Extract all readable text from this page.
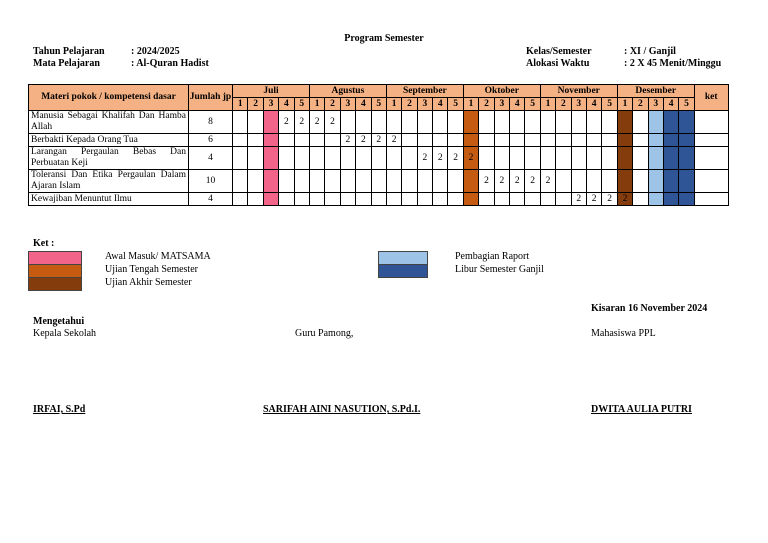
Program Semester
Tahun Pelajaran	: 2024/2025
Mata Pelajaran	: Al-Quran Hadist
Kelas/Semester	: XI / Ganjil
Alokasi Waktu	: 2 X 45 Menit/Minggu
Materi pokok / kompetensi dasar	Jumlah jp	Juli					Agustus					September					Oktober					November					Desember					ket
		1	2	3	4	5	1	2	3	4	5	1	2	3	4	5	1	2	3	4	5	1	2	3	4	5	1	2	3	4	5	
Manusia Sebagai Khalifah Dan Hamba Allah	8				2	2	2	2																								
Berbakti Kepada Orang Tua	6								2	2	2	2																				
Larangan Pergaulan Bebas Dan Perbuatan Keji	4													2	2	2	2															
Toleransi Dan Etika Pergaulan Dalam Ajaran Islam	10																	2	2	2	2	2										
Kewajiban Menuntut Ilmu	4																							2	2	2	2					
Ket :
Awal Masuk/ MATSAMA
Ujian Tengah Semester
Ujian Akhir Semester
Pembagian Raport
Libur Semester Ganjil
Kisaran 16 November 2024
Mengetahui
Kepala Sekolah	Guru Pamong,	Mahasiswa PPL
IRFAI, S.Pd	SARIFAH AINI NASUTION, S.Pd.I.	DWITA AULIA PUTRI
